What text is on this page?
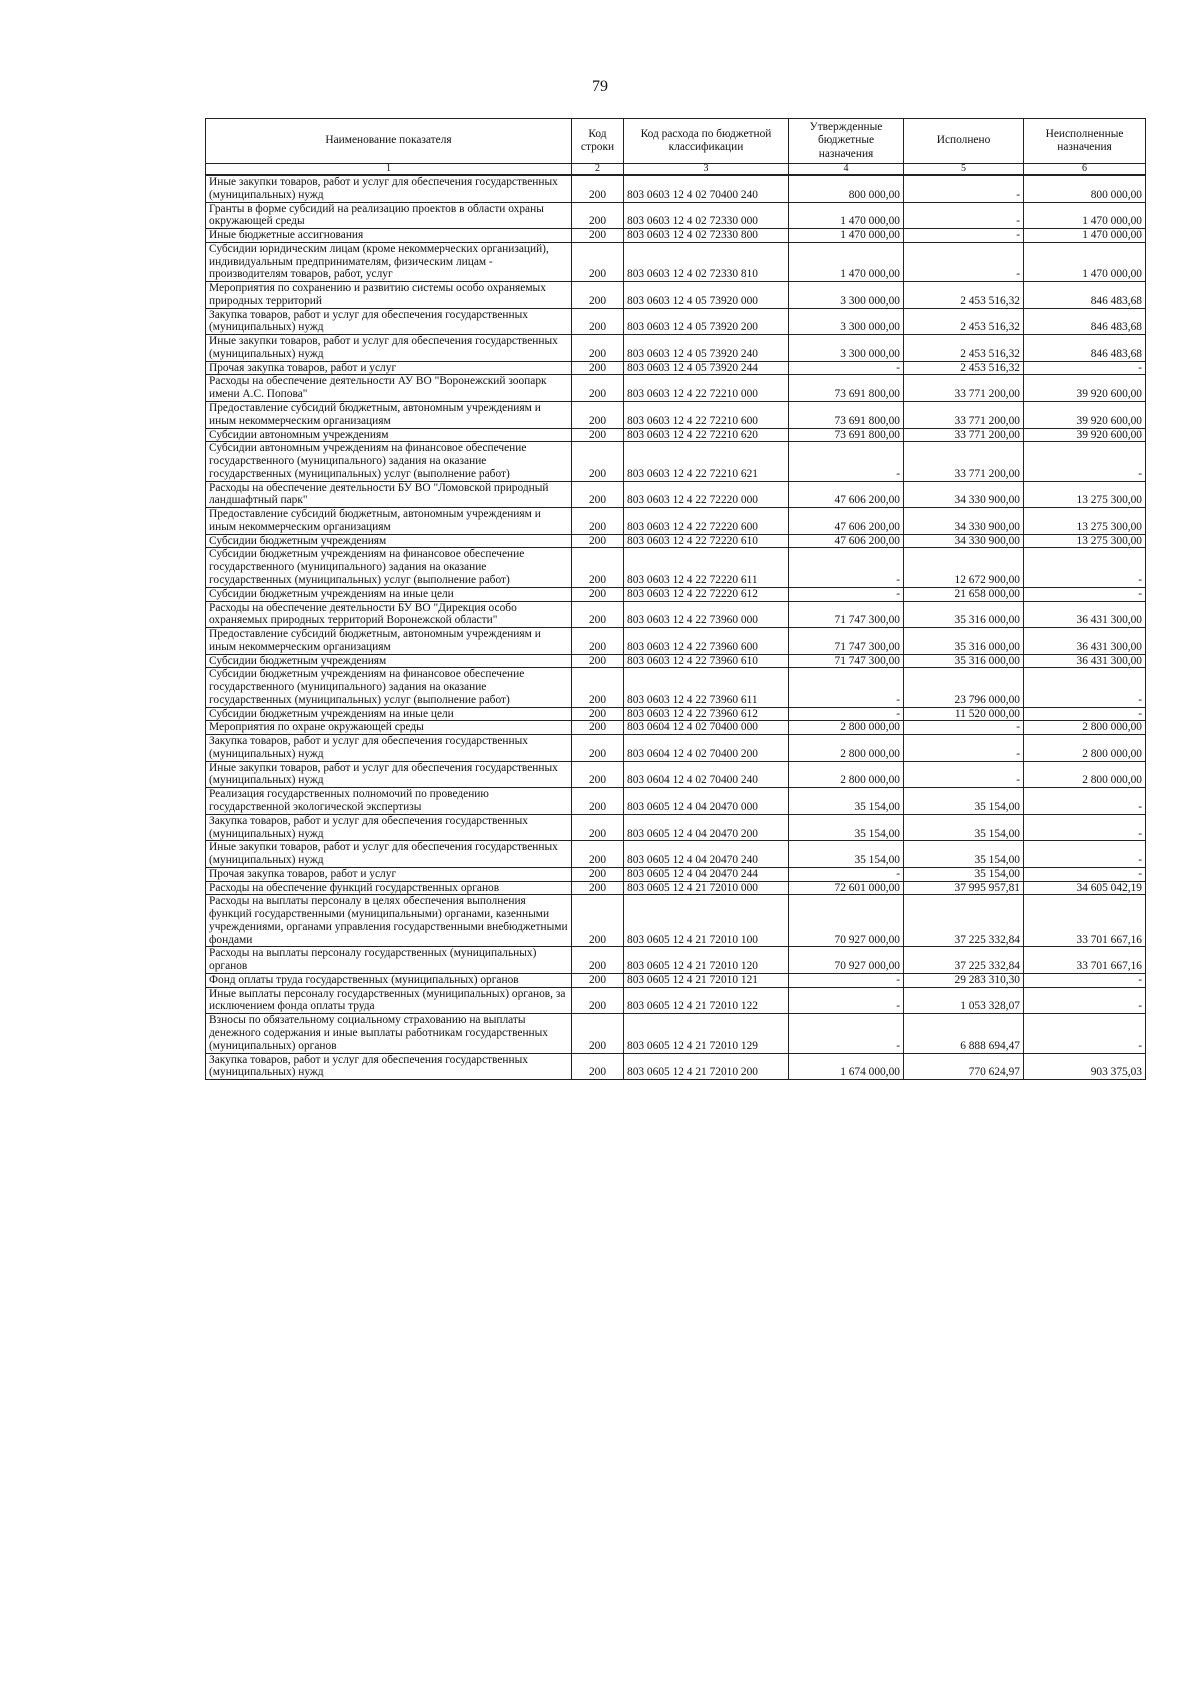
79
Наименование показателя	Код строки	Код расхода по бюджетной классификации	Утвержденные бюджетные назначения	Исполнено	Неисполненные назначения
1	2	3	4	5	6
Иные закупки товаров, работ и услуг для обеспечения государственных (муниципальных) нужд	200	803 0603 12 4 02 70400 240	800 000,00	-	800 000,00
Гранты в форме субсидий на реализацию проектов в области охраны окружающей среды	200	803 0603 12 4 02 72330 000	1 470 000,00	-	1 470 000,00
Иные бюджетные ассигнования	200	803 0603 12 4 02 72330 800	1 470 000,00	-	1 470 000,00
Субсидии юридическим лицам (кроме некоммерческих организаций), индивидуальным предпринимателям, физическим лицам - производителям товаров, работ, услуг	200	803 0603 12 4 02 72330 810	1 470 000,00	-	1 470 000,00
Мероприятия по сохранению и развитию системы особо охраняемых природных территорий	200	803 0603 12 4 05 73920 000	3 300 000,00	2 453 516,32	846 483,68
Закупка товаров, работ и услуг для обеспечения государственных (муниципальных) нужд	200	803 0603 12 4 05 73920 200	3 300 000,00	2 453 516,32	846 483,68
Иные закупки товаров, работ и услуг для обеспечения государственных (муниципальных) нужд	200	803 0603 12 4 05 73920 240	3 300 000,00	2 453 516,32	846 483,68
Прочая закупка товаров, работ и услуг	200	803 0603 12 4 05 73920 244	-	2 453 516,32	-
Расходы на обеспечение деятельности АУ ВО "Воронежский зоопарк имени А.С. Попова"	200	803 0603 12 4 22 72210 000	73 691 800,00	33 771 200,00	39 920 600,00
Предоставление субсидий бюджетным, автономным учреждениям и иным некоммерческим организациям	200	803 0603 12 4 22 72210 600	73 691 800,00	33 771 200,00	39 920 600,00
Субсидии автономным учреждениям	200	803 0603 12 4 22 72210 620	73 691 800,00	33 771 200,00	39 920 600,00
Субсидии автономным учреждениям на финансовое обеспечение государственного (муниципального) задания на оказание государственных (муниципальных) услуг (выполнение работ)	200	803 0603 12 4 22 72210 621	-	33 771 200,00	-
Расходы на обеспечение деятельности БУ ВО "Ломовской природный ландшафтный парк"	200	803 0603 12 4 22 72220 000	47 606 200,00	34 330 900,00	13 275 300,00
Предоставление субсидий бюджетным, автономным учреждениям и иным некоммерческим организациям	200	803 0603 12 4 22 72220 600	47 606 200,00	34 330 900,00	13 275 300,00
Субсидии бюджетным учреждениям	200	803 0603 12 4 22 72220 610	47 606 200,00	34 330 900,00	13 275 300,00
Субсидии бюджетным учреждениям на финансовое обеспечение государственного (муниципального) задания на оказание государственных (муниципальных) услуг (выполнение работ)	200	803 0603 12 4 22 72220 611	-	12 672 900,00	-
Субсидии бюджетным учреждениям на иные цели	200	803 0603 12 4 22 72220 612	-	21 658 000,00	-
Расходы на обеспечение деятельности БУ ВО "Дирекция особо охраняемых природных территорий Воронежской области"	200	803 0603 12 4 22 73960 000	71 747 300,00	35 316 000,00	36 431 300,00
Предоставление субсидий бюджетным, автономным учреждениям и иным некоммерческим организациям	200	803 0603 12 4 22 73960 600	71 747 300,00	35 316 000,00	36 431 300,00
Субсидии бюджетным учреждениям	200	803 0603 12 4 22 73960 610	71 747 300,00	35 316 000,00	36 431 300,00
Субсидии бюджетным учреждениям на финансовое обеспечение государственного (муниципального) задания на оказание государственных (муниципальных) услуг (выполнение работ)	200	803 0603 12 4 22 73960 611	-	23 796 000,00	-
Субсидии бюджетным учреждениям на иные цели	200	803 0603 12 4 22 73960 612	-	11 520 000,00	-
Мероприятия по охране окружающей среды	200	803 0604 12 4 02 70400 000	2 800 000,00	-	2 800 000,00
Закупка товаров, работ и услуг для обеспечения государственных (муниципальных) нужд	200	803 0604 12 4 02 70400 200	2 800 000,00	-	2 800 000,00
Иные закупки товаров, работ и услуг для обеспечения государственных (муниципальных) нужд	200	803 0604 12 4 02 70400 240	2 800 000,00	-	2 800 000,00
Реализация государственных полномочий по проведению государственной экологической экспертизы	200	803 0605 12 4 04 20470 000	35 154,00	35 154,00	-
Закупка товаров, работ и услуг для обеспечения государственных (муниципальных) нужд	200	803 0605 12 4 04 20470 200	35 154,00	35 154,00	-
Иные закупки товаров, работ и услуг для обеспечения государственных (муниципальных) нужд	200	803 0605 12 4 04 20470 240	35 154,00	35 154,00	-
Прочая закупка товаров, работ и услуг	200	803 0605 12 4 04 20470 244	-	35 154,00	-
Расходы на обеспечение функций государственных органов	200	803 0605 12 4 21 72010 000	72 601 000,00	37 995 957,81	34 605 042,19
Расходы на выплаты персоналу в целях обеспечения выполнения функций государственными (муниципальными) органами, казенными учреждениями, органами управления государственными внебюджетными фондами	200	803 0605 12 4 21 72010 100	70 927 000,00	37 225 332,84	33 701 667,16
Расходы на выплаты персоналу государственных (муниципальных) органов	200	803 0605 12 4 21 72010 120	70 927 000,00	37 225 332,84	33 701 667,16
Фонд оплаты труда государственных (муниципальных) органов	200	803 0605 12 4 21 72010 121	-	29 283 310,30	-
Иные выплаты персоналу государственных (муниципальных) органов, за исключением фонда оплаты труда	200	803 0605 12 4 21 72010 122	-	1 053 328,07	-
Взносы по обязательному социальному страхованию на выплаты денежного содержания и иные выплаты работникам государственных (муниципальных) органов	200	803 0605 12 4 21 72010 129	-	6 888 694,47	-
Закупка товаров, работ и услуг для обеспечения государственных (муниципальных) нужд	200	803 0605 12 4 21 72010 200	1 674 000,00	770 624,97	903 375,03
